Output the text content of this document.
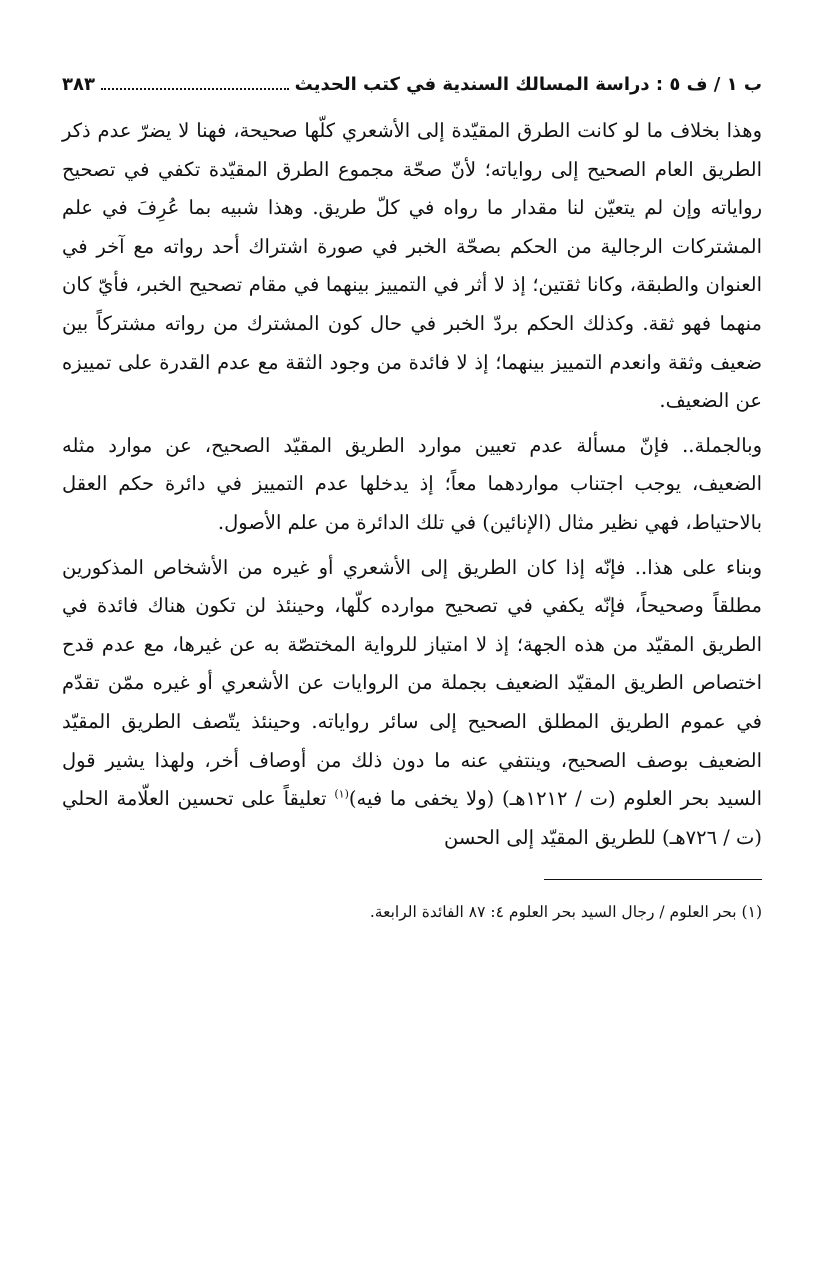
ب ١ / ف ٥ : دراسة المسالك السندية في كتب الحديث
٣٨٣

وهذا بخلاف ما لو كانت الطرق المقيّدة إلى الأشعري كلّها صحيحة، فهنا لا يضرّ عدم ذكر الطريق العام الصحيح إلى رواياته؛ لأنّ صحّة مجموع الطرق المقيّدة تكفي في تصحيح رواياته وإن لم يتعيّن لنا مقدار ما رواه في كلّ طريق. وهذا شبيه بما عُرِفَ في علم المشتركات الرجالية من الحكم بصحّة الخبر في صورة اشتراك أحد رواته مع آخر في العنوان والطبقة، وكانا ثقتين؛ إذ لا أثر في التمييز بينهما في مقام تصحيح الخبر، فأيّ كان منهما فهو ثقة. وكذلك الحكم بردّ الخبر في حال كون المشترك من رواته مشتركاً بين ضعيف وثقة وانعدم التمييز بينهما؛ إذ لا فائدة من وجود الثقة مع عدم القدرة على تمييزه عن الضعيف.

وبالجملة.. فإنّ مسألة عدم تعيين موارد الطريق المقيّد الصحيح، عن موارد مثله الضعيف، يوجب اجتناب مواردهما معاً؛ إذ يدخلها عدم التمييز في دائرة حكم العقل بالاحتياط، فهي نظير مثال (الإنائين) في تلك الدائرة من علم الأصول.

وبناء على هذا.. فإنّه إذا كان الطريق إلى الأشعري أو غيره من الأشخاص المذكورين مطلقاً وصحيحاً، فإنّه يكفي في تصحيح موارده كلّها، وحينئذ لن تكون هناك فائدة في الطريق المقيّد من هذه الجهة؛ إذ لا امتياز للرواية المختصّة به عن غيرها، مع عدم قدح اختصاص الطريق المقيّد الضعيف بجملة من الروايات عن الأشعري أو غيره ممّن تقدّم في عموم الطريق المطلق الصحيح إلى سائر رواياته. وحينئذ يتّصف الطريق المقيّد الضعيف بوصف الصحيح، وينتفي عنه ما دون ذلك من أوصاف أخر، ولهذا يشير قول السيد بحر العلوم (ت / ١٢١٢هـ) (ولا يخفى ما فيه)$^{(١)}$ تعليقاً على تحسين العلّامة الحلي (ت / ٧٢٦هـ) للطريق المقيّد إلى الحسن

(١) بحر العلوم / رجال السيد بحر العلوم ٤: ٨٧ الفائدة الرابعة.
